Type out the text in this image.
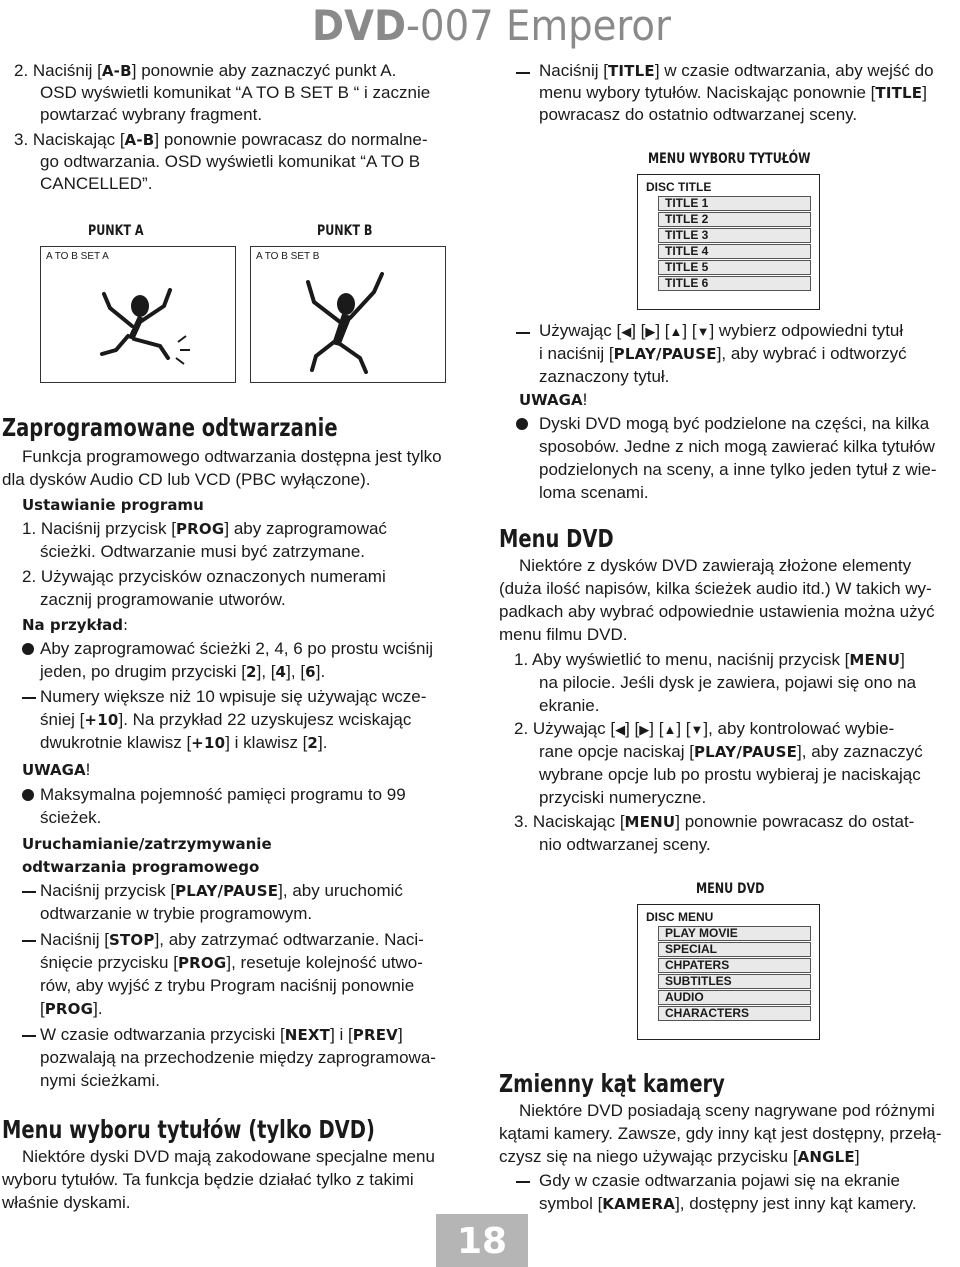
DVD-007 Emperor
2. Naciśnij [A-B] ponownie aby zaznaczyć punkt A.
OSD wyświetli komunikat “A TO B SET B “ i zacznie
powtarzać wybrany fragment.
3. Naciskając [A-B] ponownie powracasz do normalne-
go odtwarzania. OSD wyświetli komunikat “A TO B
CANCELLED”.
PUNKT A	PUNKT B
A TO B SET A	A TO B SET B
Zaprogramowane odtwarzanie
Funkcja programowego odtwarzania dostępna jest tylko
dla dysków Audio CD lub VCD (PBC wyłączone).
Ustawianie programu
1. Naciśnij przycisk [PROG] aby zaprogramować
ścieżki. Odtwarzanie musi być zatrzymane.
2. Używając przycisków oznaczonych numerami
zacznij programowanie utworów.
Na przykład:
Aby zaprogramować ścieżki 2, 4, 6 po prostu wciśnij
jeden, po drugim przyciski [2], [4], [6].
Numery większe niż 10 wpisuje się używając wcze-
śniej [+10]. Na przykład 22 uzyskujesz wciskając
dwukrotnie klawisz [+10] i klawisz [2].
UWAGA!
Maksymalna pojemność pamięci programu to 99
ścieżek.
Uruchamianie/zatrzymywanie
odtwarzania programowego
Naciśnij przycisk [PLAY/PAUSE], aby uruchomić
odtwarzanie w trybie programowym.
Naciśnij [STOP], aby zatrzymać odtwarzanie. Naci-
śnięcie przycisku [PROG], resetuje kolejność utwo-
rów, aby wyjść z trybu Program naciśnij ponownie
[PROG].
W czasie odtwarzania przyciski [NEXT] i [PREV]
pozwalają na przechodzenie między zaprogramowa-
nymi ścieżkami.
Menu wyboru tytułów (tylko DVD)
Niektóre dyski DVD mają zakodowane specjalne menu
wyboru tytułów. Ta funkcja będzie działać tylko z takimi
właśnie dyskami.
18
Naciśnij [TITLE] w czasie odtwarzania, aby wejść do
menu wybory tytułów. Naciskając ponownie [TITLE]
powracasz do ostatnio odtwarzanej sceny.
MENU WYBORU TYTUŁÓW
DISC TITLE
TITLE 1
TITLE 2
TITLE 3
TITLE 4
TITLE 5
TITLE 6
Używając [◀] [▶] [▲] [▼] wybierz odpowiedni tytuł
i naciśnij [PLAY/PAUSE], aby wybrać i odtworzyć
zaznaczony tytuł.
UWAGA!
Dyski DVD mogą być podzielone na części, na kilka
sposobów. Jedne z nich mogą zawierać kilka tytułów
podzielonych na sceny, a inne tylko jeden tytuł z wie-
loma scenami.
Menu DVD
Niektóre z dysków DVD zawierają złożone elementy
(duża ilość napisów, kilka ścieżek audio itd.) W takich wy-
padkach aby wybrać odpowiednie ustawienia można użyć
menu filmu DVD.
1. Aby wyświetlić to menu, naciśnij przycisk [MENU]
na pilocie. Jeśli dysk je zawiera, pojawi się ono na
ekranie.
2. Używając [◀] [▶] [▲] [▼], aby kontrolować wybie-
rane opcje naciskaj [PLAY/PAUSE], aby zaznaczyć
wybrane opcje lub po prostu wybieraj je naciskając
przyciski numeryczne.
3. Naciskając [MENU] ponownie powracasz do ostat-
nio odtwarzanej sceny.
MENU DVD
DISC MENU
PLAY MOVIE
SPECIAL
CHPATERS
SUBTITLES
AUDIO
CHARACTERS
Zmienny kąt kamery
Niektóre DVD posiadają sceny nagrywane pod różnymi
kątami kamery. Zawsze, gdy inny kąt jest dostępny, przełą-
czysz się na niego używając przycisku [ANGLE]
Gdy w czasie odtwarzania pojawi się na ekranie
symbol [KAMERA], dostępny jest inny kąt kamery.
